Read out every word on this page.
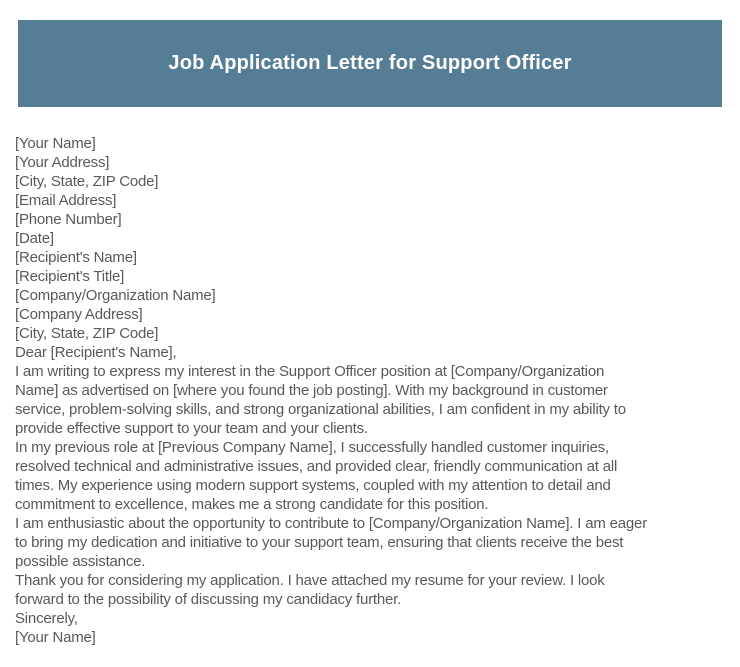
Job Application Letter for Support Officer
[Your Name]
[Your Address]
[City, State, ZIP Code]
[Email Address]
[Phone Number]
[Date]
[Recipient's Name]
[Recipient's Title]
[Company/Organization Name]
[Company Address]
[City, State, ZIP Code]
Dear [Recipient's Name],
I am writing to express my interest in the Support Officer position at [Company/Organization
Name] as advertised on [where you found the job posting]. With my background in customer
service, problem-solving skills, and strong organizational abilities, I am confident in my ability to
provide effective support to your team and your clients.
In my previous role at [Previous Company Name], I successfully handled customer inquiries,
resolved technical and administrative issues, and provided clear, friendly communication at all
times. My experience using modern support systems, coupled with my attention to detail and
commitment to excellence, makes me a strong candidate for this position.
I am enthusiastic about the opportunity to contribute to [Company/Organization Name]. I am eager
to bring my dedication and initiative to your support team, ensuring that clients receive the best
possible assistance.
Thank you for considering my application. I have attached my resume for your review. I look
forward to the possibility of discussing my candidacy further.
Sincerely,
[Your Name]
